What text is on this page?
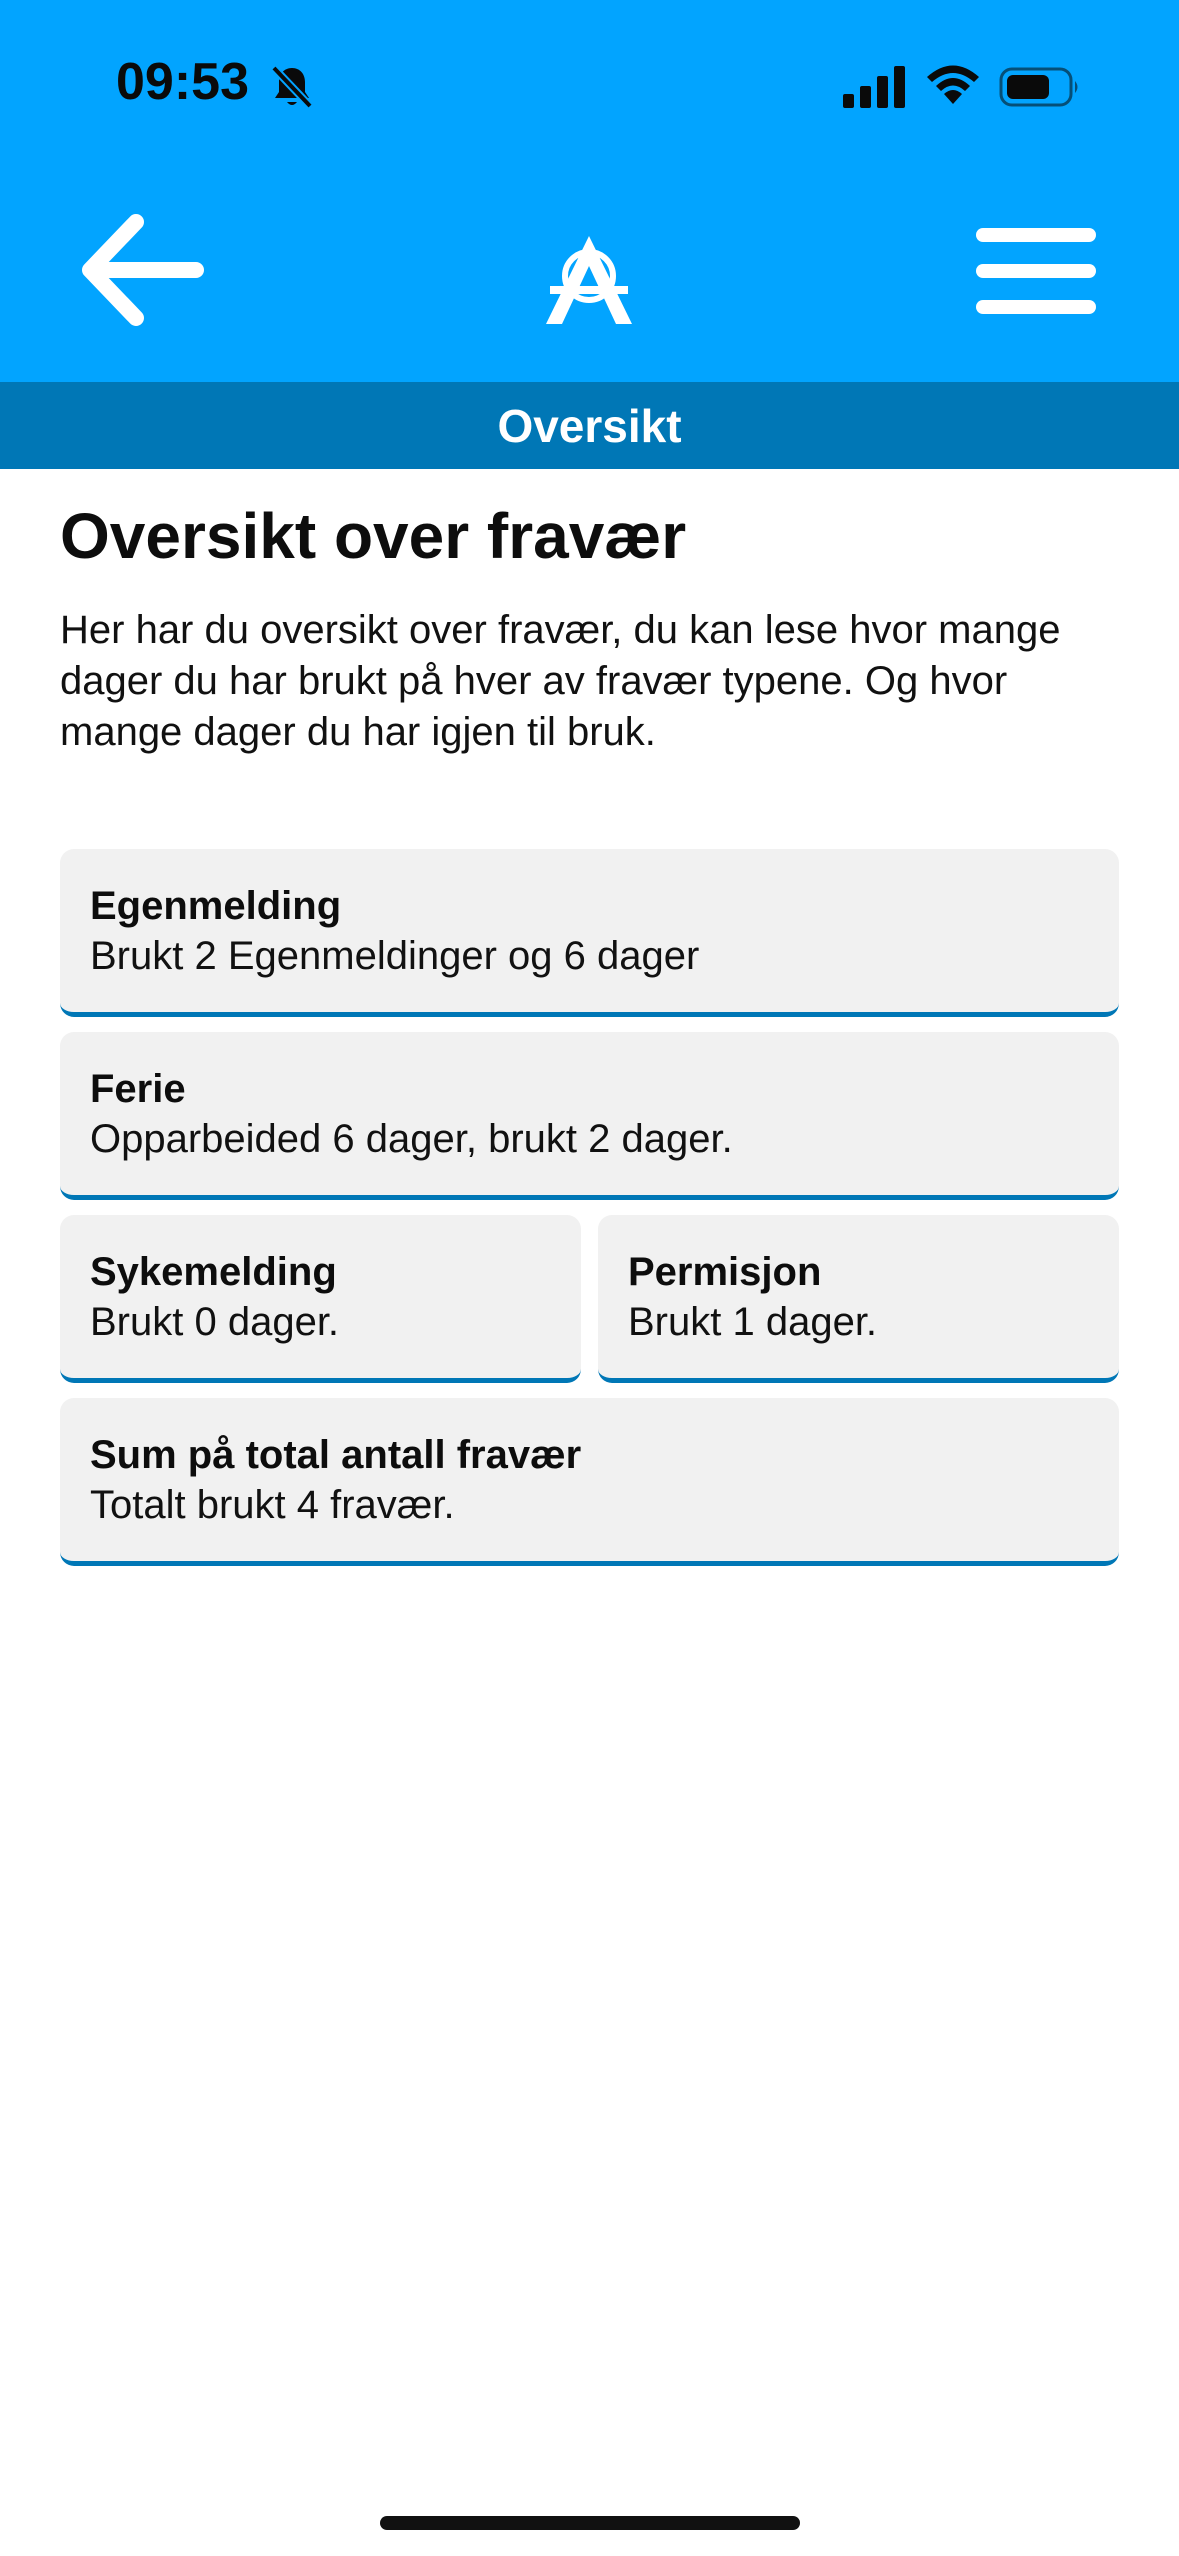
09:53
Oversikt
Oversikt over fravær

Her har du oversikt over fravær, du kan lese hvor mange dager du har brukt på hver av fravær typene. Og hvor mange dager du har igjen til bruk.

Egenmelding

Brukt 2 Egenmeldinger og 6 dager

Ferie

Opparbeided 6 dager, brukt 2 dager.

Sykemelding

Brukt 0 dager.

Permisjon

Brukt 1 dager.

Sum på total antall fravær

Totalt brukt 4 fravær.
